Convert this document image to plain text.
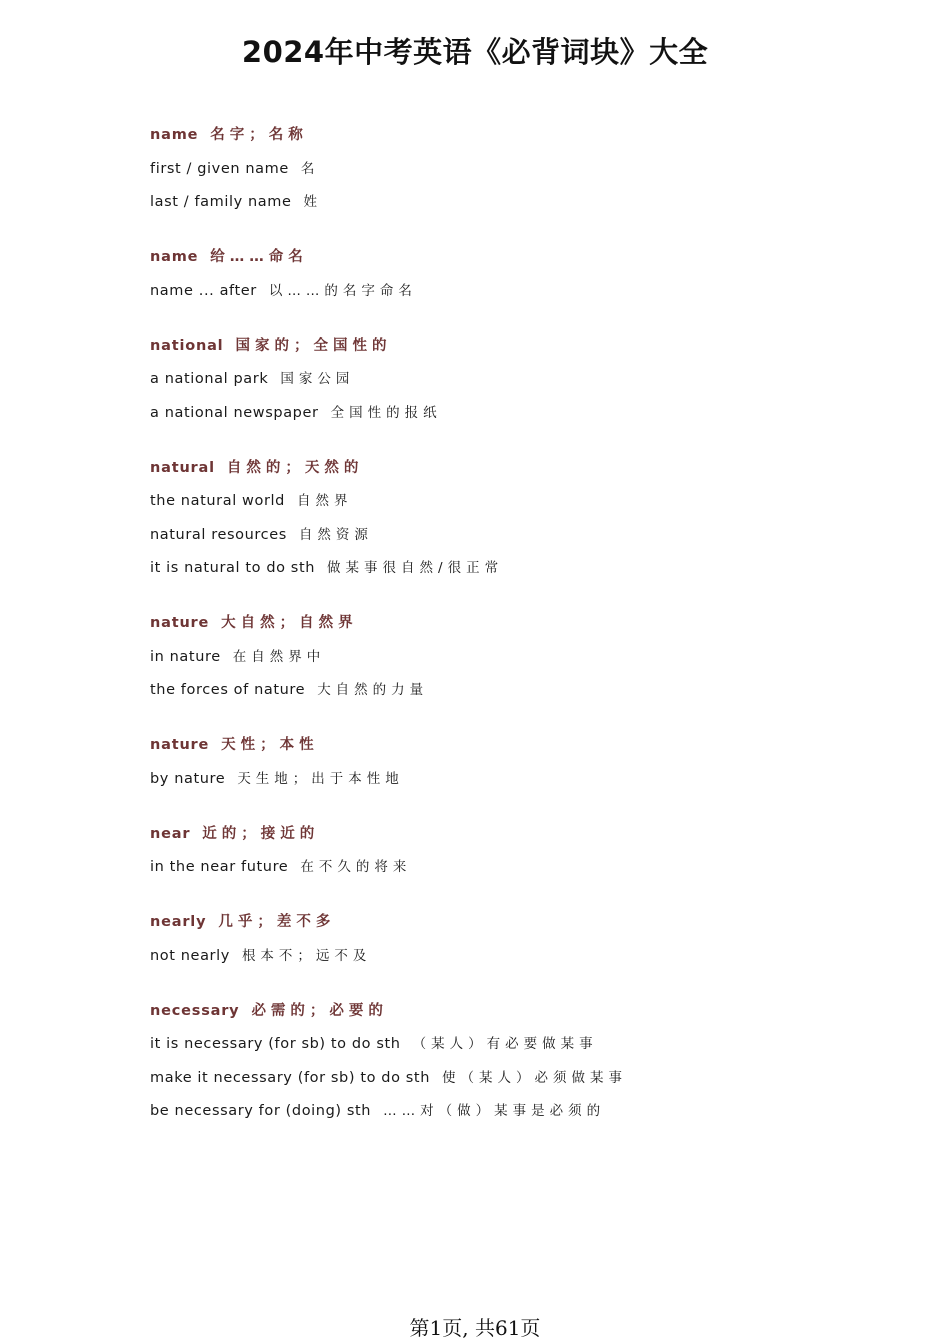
2024年中考英语《必背词块》大全
name 名字；名称
first / given name 名
last / family name 姓
name 给……命名
name ... after 以……的名字命名
national 国家的；全国性的
a national park 国家公园
a national newspaper 全国性的报纸
natural 自然的；天然的
the natural world 自然界
natural resources 自然资源
it is natural to do sth 做某事很自然/很正常
nature 大自然；自然界
in nature 在自然界中
the forces of nature 大自然的力量
nature 天性；本性
by nature 天生地；出于本性地
near 近的；接近的
in the near future 在不久的将来
nearly 几乎；差不多
not nearly 根本不；远不及
necessary 必需的；必要的
it is necessary (for sb) to do sth （某人）有必要做某事
make it necessary (for sb) to do sth 使（某人）必须做某事
be necessary for (doing) sth ……对（做）某事是必须的
第1页, 共61页
